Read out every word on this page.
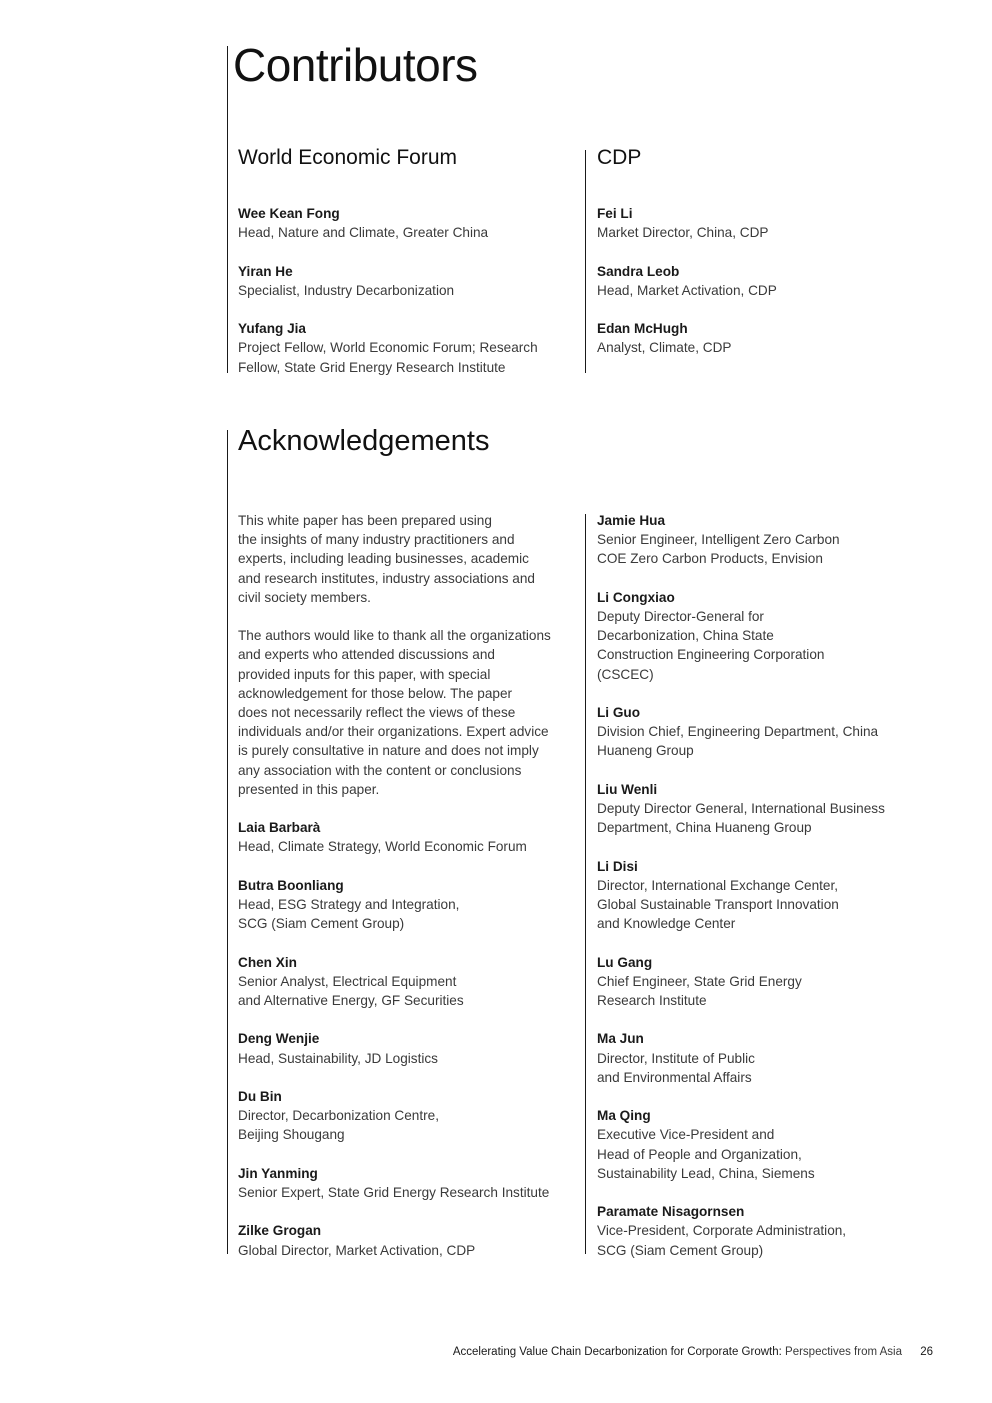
Contributors
World Economic Forum	CDP
Wee Kean Fong
Head, Nature and Climate, Greater China
Yiran He
Specialist, Industry Decarbonization
Yufang Jia
Project Fellow, World Economic Forum; Research
Fellow, State Grid Energy Research Institute
Fei Li
Market Director, China, CDP
Sandra Leob
Head, Market Activation, CDP
Edan McHugh
Analyst, Climate, CDP
Acknowledgements
This white paper has been prepared using
the insights of many industry practitioners and
experts, including leading businesses, academic
and research institutes, industry associations and
civil society members.
The authors would like to thank all the organizations
and experts who attended discussions and
provided inputs for this paper, with special
acknowledgement for those below. The paper
does not necessarily reflect the views of these
individuals and/or their organizations. Expert advice
is purely consultative in nature and does not imply
any association with the content or conclusions
presented in this paper.
Laia Barbarà
Head, Climate Strategy, World Economic Forum
Butra Boonliang
Head, ESG Strategy and Integration,
SCG (Siam Cement Group)
Chen Xin
Senior Analyst, Electrical Equipment
and Alternative Energy, GF Securities
Deng Wenjie
Head, Sustainability, JD Logistics
Du Bin
Director, Decarbonization Centre,
Beijing Shougang
Jin Yanming
Senior Expert, State Grid Energy Research Institute
Zilke Grogan
Global Director, Market Activation, CDP
Jamie Hua
Senior Engineer, Intelligent Zero Carbon
COE Zero Carbon Products, Envision
Li Congxiao
Deputy Director-General for
Decarbonization, China State
Construction Engineering Corporation
(CSCEC)
Li Guo
Division Chief, Engineering Department, China
Huaneng Group
Liu Wenli
Deputy Director General, International Business
Department, China Huaneng Group
Li Disi
Director, International Exchange Center,
Global Sustainable Transport Innovation
and Knowledge Center
Lu Gang
Chief Engineer, State Grid Energy
Research Institute
Ma Jun
Director, Institute of Public
and Environmental Affairs
Ma Qing
Executive Vice-President and
Head of People and Organization,
Sustainability Lead, China, Siemens
Paramate Nisagornsen
Vice-President, Corporate Administration,
SCG (Siam Cement Group)
Accelerating Value Chain Decarbonization for Corporate Growth: Perspectives from Asia 26
